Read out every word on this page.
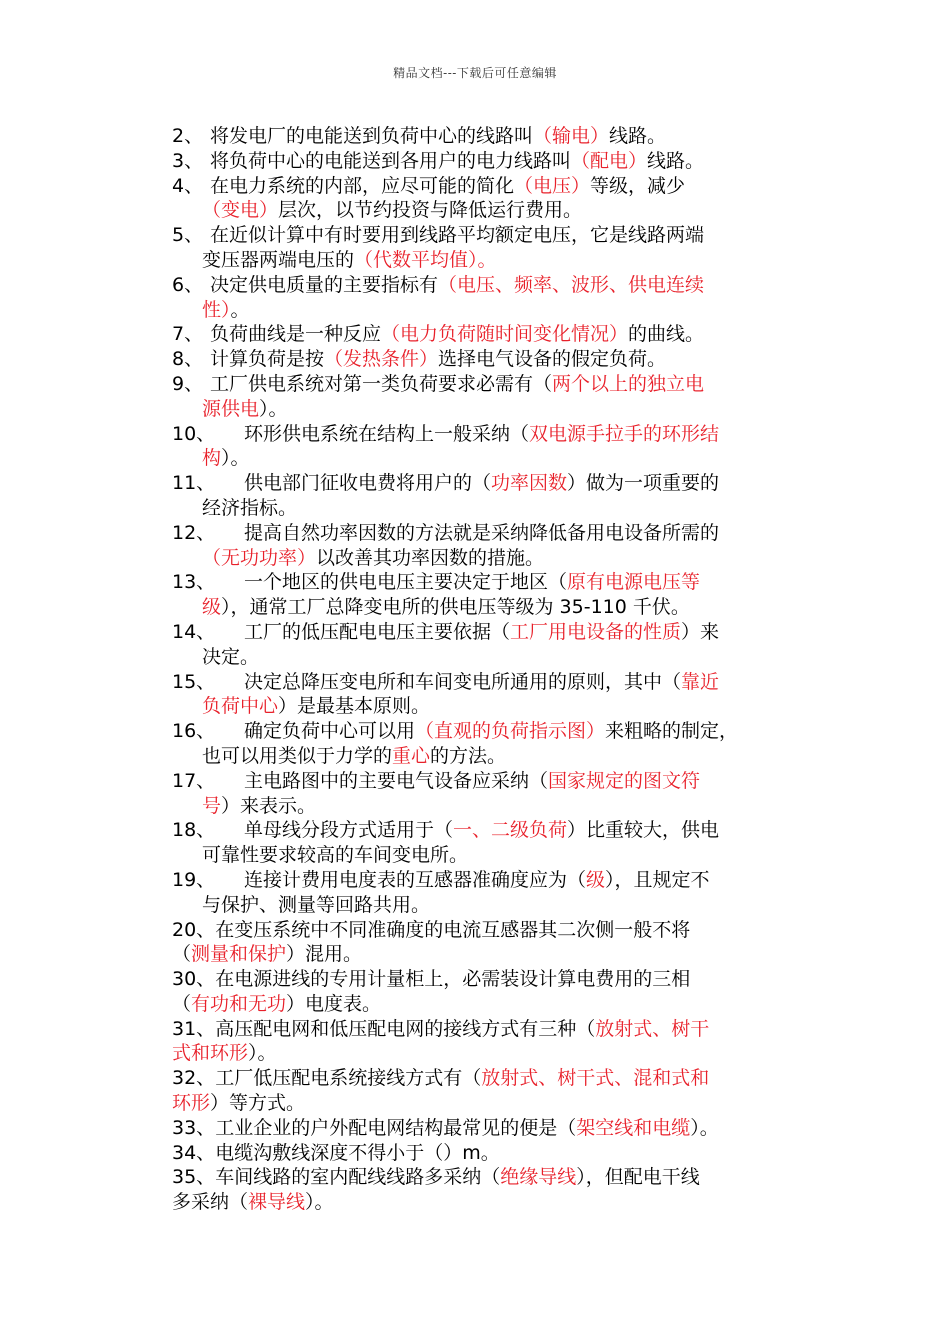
精品文档---下载后可任意编辑
2、 将发电厂的电能送到负荷中心的线路叫（输电）线路。
3、 将负荷中心的电能送到各用户的电力线路叫（配电）线路。
4、 在电力系统的内部，应尽可能的简化（电压）等级，减少
（变电）层次，以节约投资与降低运行费用。
5、 在近似计算中有时要用到线路平均额定电压，它是线路两端
变压器两端电压的（代数平均值）。
6、 决定供电质量的主要指标有（电压、频率、波形、供电连续
性）。
7、 负荷曲线是一种反应（电力负荷随时间变化情况）的曲线。
8、 计算负荷是按（发热条件）选择电气设备的假定负荷。
9、 工厂供电系统对第一类负荷要求必需有（两个以上的独立电
源供电）。
10、 环形供电系统在结构上一般采纳（双电源手拉手的环形结
构）。
11、 供电部门征收电费将用户的（功率因数）做为一项重要的
经济指标。
12、 提高自然功率因数的方法就是采纳降低备用电设备所需的
（无功功率）以改善其功率因数的措施。
13、 一个地区的供电电压主要决定于地区（原有电源电压等
级），通常工厂总降变电所的供电压等级为 35-110 千伏。
14、 工厂的低压配电电压主要依据（工厂用电设备的性质）来
决定。
15、 决定总降压变电所和车间变电所通用的原则，其中（靠近
负荷中心）是最基本原则。
16、 确定负荷中心可以用（直观的负荷指示图）来粗略的制定，
也可以用类似于力学的重心的方法。
17、 主电路图中的主要电气设备应采纳（国家规定的图文符
号）来表示。
18、 单母线分段方式适用于（一、二级负荷）比重较大，供电
可靠性要求较高的车间变电所。
19、 连接计费用电度表的互感器准确度应为（级），且规定不
与保护、测量等回路共用。
20、在变压系统中不同准确度的电流互感器其二次侧一般不将
（测量和保护）混用。
30、在电源进线的专用计量柜上，必需装设计算电费用的三相
（有功和无功）电度表。
31、高压配电网和低压配电网的接线方式有三种（放射式、树干
式和环形）。
32、工厂低压配电系统接线方式有（放射式、树干式、混和式和
环形）等方式。
33、工业企业的户外配电网结构最常见的便是（架空线和电缆）。
34、电缆沟敷线深度不得小于（）m。
35、车间线路的室内配线线路多采纳（绝缘导线），但配电干线
多采纳（裸导线）。
